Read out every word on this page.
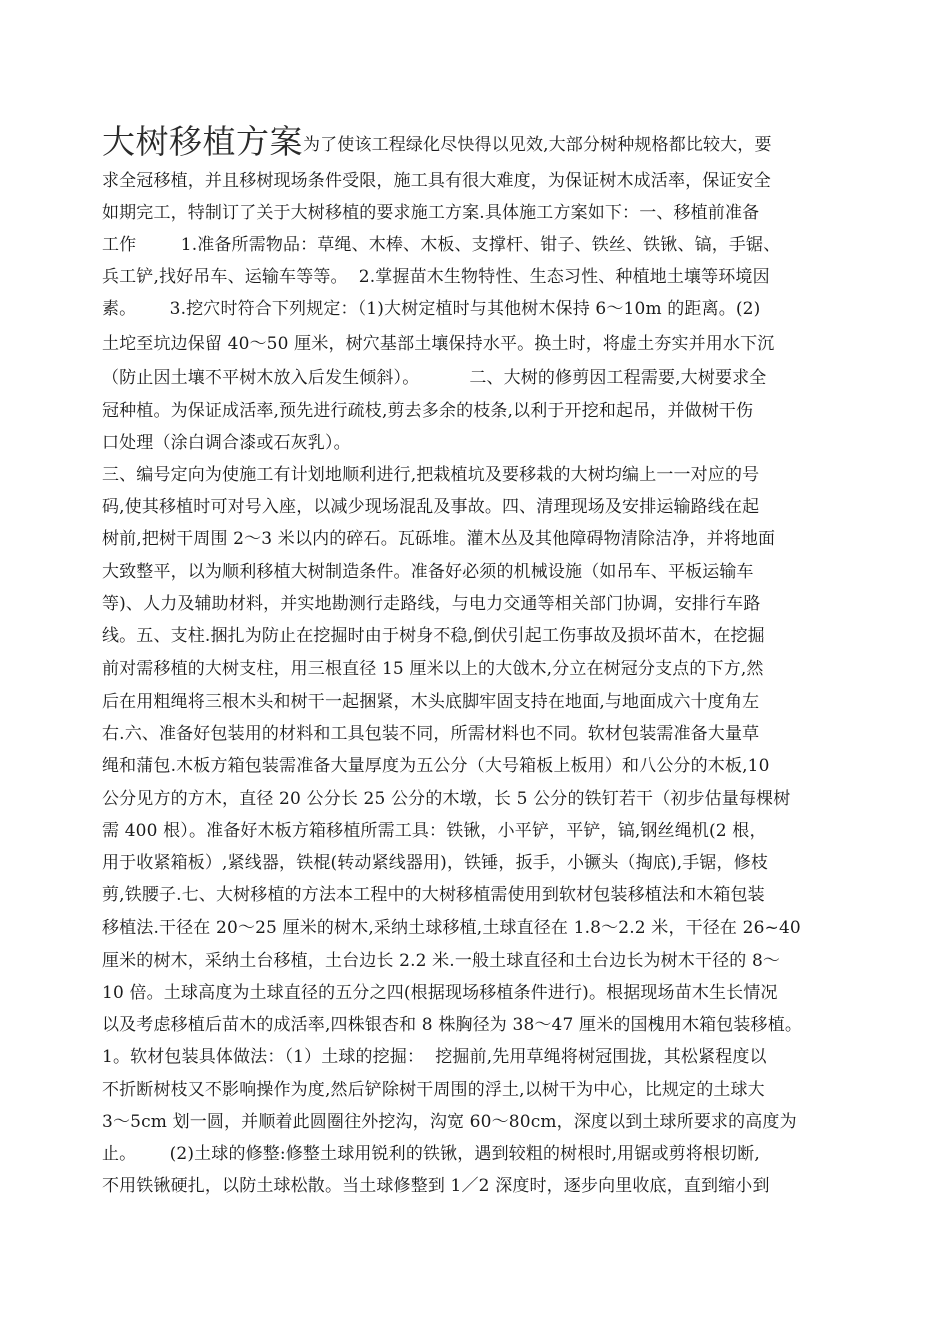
大树移植方案为了使该工程绿化尽快得以见效,大部分树种规格都比较大，要

求全冠移植，并且移树现场条件受限，施工具有很大难度，为保证树木成活率，保证安全

如期完工，特制订了关于大树移植的要求施工方案.具体施工方案如下：一、移植前准备

工作        1.准备所需物品：草绳、木棒、木板、支撑杆、钳子、铁丝、铁锹、镐，手锯、

兵工铲,找好吊车、运输车等等。  2.掌握苗木生物特性、生态习性、种植地土壤等环境因

素。      3.挖穴时符合下列规定：（1)大树定植时与其他树木保持 6～10m 的距离。(2)

土坨至坑边保留 40～50 厘米，树穴基部土壤保持水平。换土时，将虚土夯实并用水下沉

（防止因土壤不平树木放入后发生倾斜）。         二、大树的修剪因工程需要,大树要求全

冠种植。为保证成活率,预先进行疏枝,剪去多余的枝条,以利于开挖和起吊，并做树干伤

口处理（涂白调合漆或石灰乳）。

三、编号定向为使施工有计划地顺利进行,把栽植坑及要移栽的大树均编上一一对应的号

码,使其移植时可对号入座，以减少现场混乱及事故。四、清理现场及安排运输路线在起

树前,把树干周围 2～3 米以内的碎石。瓦砾堆。灌木丛及其他障碍物清除洁净，并将地面

大致整平，以为顺利移植大树制造条件。准备好必须的机械设施（如吊车、平板运输车

等)、人力及辅助材料，并实地勘测行走路线，与电力交通等相关部门协调，安排行车路

线。五、支柱.捆扎为防止在挖掘时由于树身不稳,倒伏引起工伤事故及损坏苗木，在挖掘

前对需移植的大树支柱，用三根直径 15 厘米以上的大戗木,分立在树冠分支点的下方,然

后在用粗绳将三根木头和树干一起捆紧，木头底脚牢固支持在地面,与地面成六十度角左

右.六、准备好包装用的材料和工具包装不同，所需材料也不同。软材包装需准备大量草

绳和蒲包.木板方箱包装需准备大量厚度为五公分（大号箱板上板用）和八公分的木板,10

公分见方的方木，直径 20 公分长 25 公分的木墩，长 5 公分的铁钉若干（初步估量每棵树

需 400 根）。准备好木板方箱移植所需工具：铁锹，小平铲，平铲，镐,钢丝绳机(2 根，

用于收紧箱板）,紧线器，铁棍(转动紧线器用)，铁锤，扳手，小镢头（掏底),手锯，修枝

剪,铁腰子.七、大树移植的方法本工程中的大树移植需使用到软材包装移植法和木箱包装

移植法.干径在 20～25 厘米的树木,采纳土球移植,土球直径在 1.8～2.2 米，干径在 26~40

厘米的树木，采纳土台移植，土台边长 2.2 米.一般土球直径和土台边长为树木干径的 8～

10 倍。土球高度为土球直径的五分之四(根据现场移植条件进行)。根据现场苗木生长情况

以及考虑移植后苗木的成活率,四株银杏和 8 株胸径为 38～47 厘米的国槐用木箱包装移植。

1。软材包装具体做法：（1）土球的挖掘：  挖掘前,先用草绳将树冠围拢，其松紧程度以

不折断树枝又不影响操作为度,然后铲除树干周围的浮土,以树干为中心，比规定的土球大

3～5cm 划一圆，并顺着此圆圈往外挖沟，沟宽 60～80cm，深度以到土球所要求的高度为

止。      (2)土球的修整:修整土球用锐利的铁锹，遇到较粗的树根时,用锯或剪将根切断,

不用铁锹硬扎，以防土球松散。当土球修整到 1／2 深度时，逐步向里收底，直到缩小到
